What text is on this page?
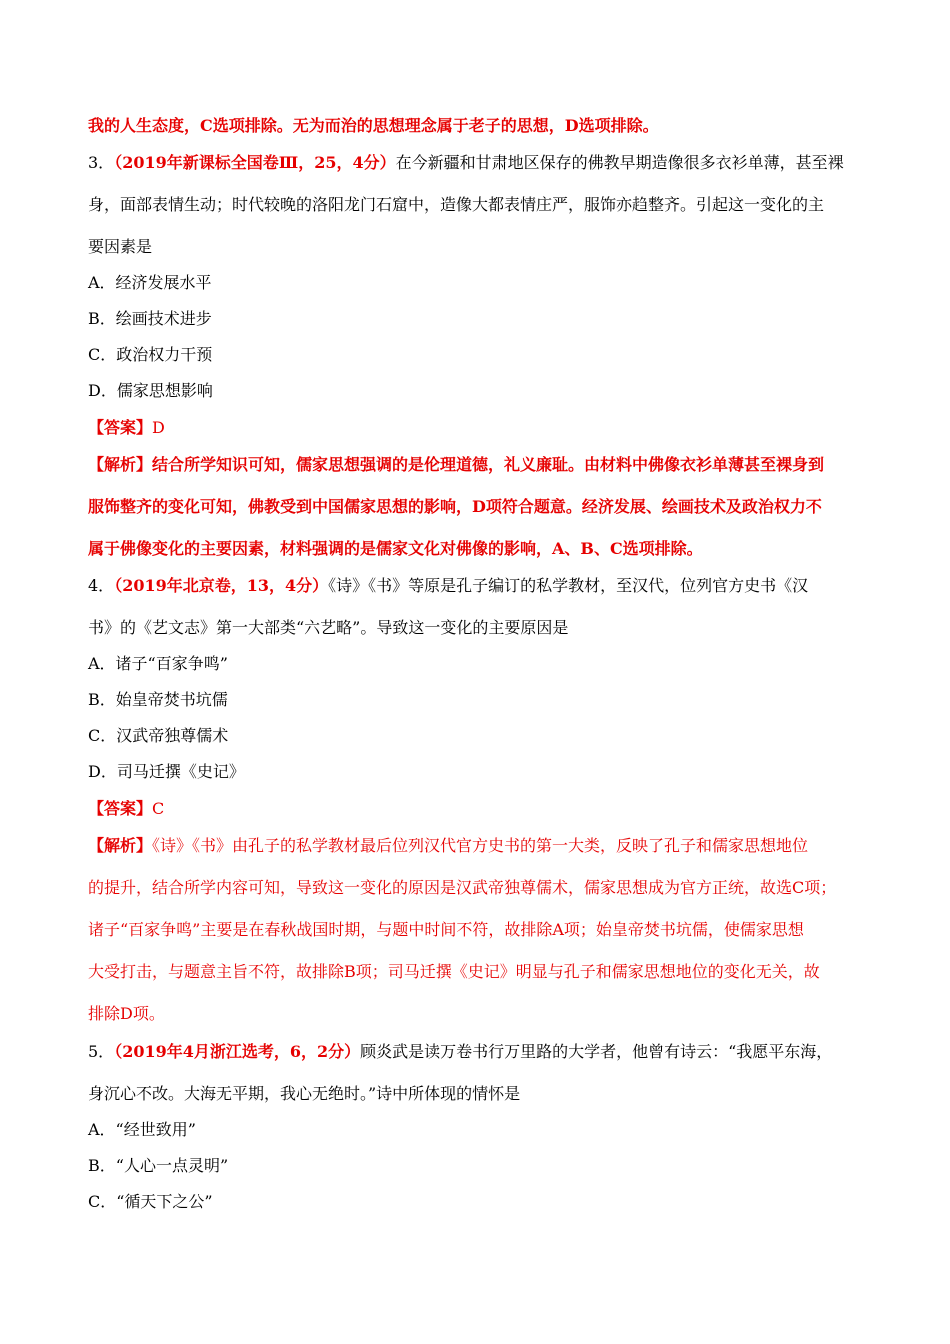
我的人生态度，C选项排除。无为而治的思想理念属于老子的思想，D选项排除。
3．（2019年新课标全国卷Ⅲ，25，4分）在今新疆和甘肃地区保存的佛教早期造像很多衣衫单薄，甚至裸
身，面部表情生动；时代较晚的洛阳龙门石窟中，造像大都表情庄严，服饰亦趋整齐。引起这一变化的主
要因素是
A．经济发展水平
B．绘画技术进步
C．政治权力干预
D．儒家思想影响
【答案】D
【解析】结合所学知识可知，儒家思想强调的是伦理道德，礼义廉耻。由材料中佛像衣衫单薄甚至裸身到
服饰整齐的变化可知，佛教受到中国儒家思想的影响，D项符合题意。经济发展、绘画技术及政治权力不
属于佛像变化的主要因素，材料强调的是儒家文化对佛像的影响，A、B、C选项排除。
4．（2019年北京卷，13，4分）《诗》《书》等原是孔子编订的私学教材，至汉代，位列官方史书《汉
书》的《艺文志》第一大部类“六艺略”。导致这一变化的主要原因是
A．诸子“百家争鸣”
B．始皇帝焚书坑儒
C．汉武帝独尊儒术
D．司马迁撰《史记》
【答案】C
【解析】《诗》《书》由孔子的私学教材最后位列汉代官方史书的第一大类，反映了孔子和儒家思想地位
的提升，结合所学内容可知，导致这一变化的原因是汉武帝独尊儒术，儒家思想成为官方正统，故选C项；
诸子“百家争鸣”主要是在春秋战国时期，与题中时间不符，故排除A项；始皇帝焚书坑儒，使儒家思想
大受打击，与题意主旨不符，故排除B项；司马迁撰《史记》明显与孔子和儒家思想地位的变化无关，故
排除D项。
5．（2019年4月浙江选考，6，2分）顾炎武是读万卷书行万里路的大学者，他曾有诗云：“我愿平东海，
身沉心不改。大海无平期，我心无绝时。”诗中所体现的情怀是
A．“经世致用”
B．“人心一点灵明”
C．“循天下之公”
